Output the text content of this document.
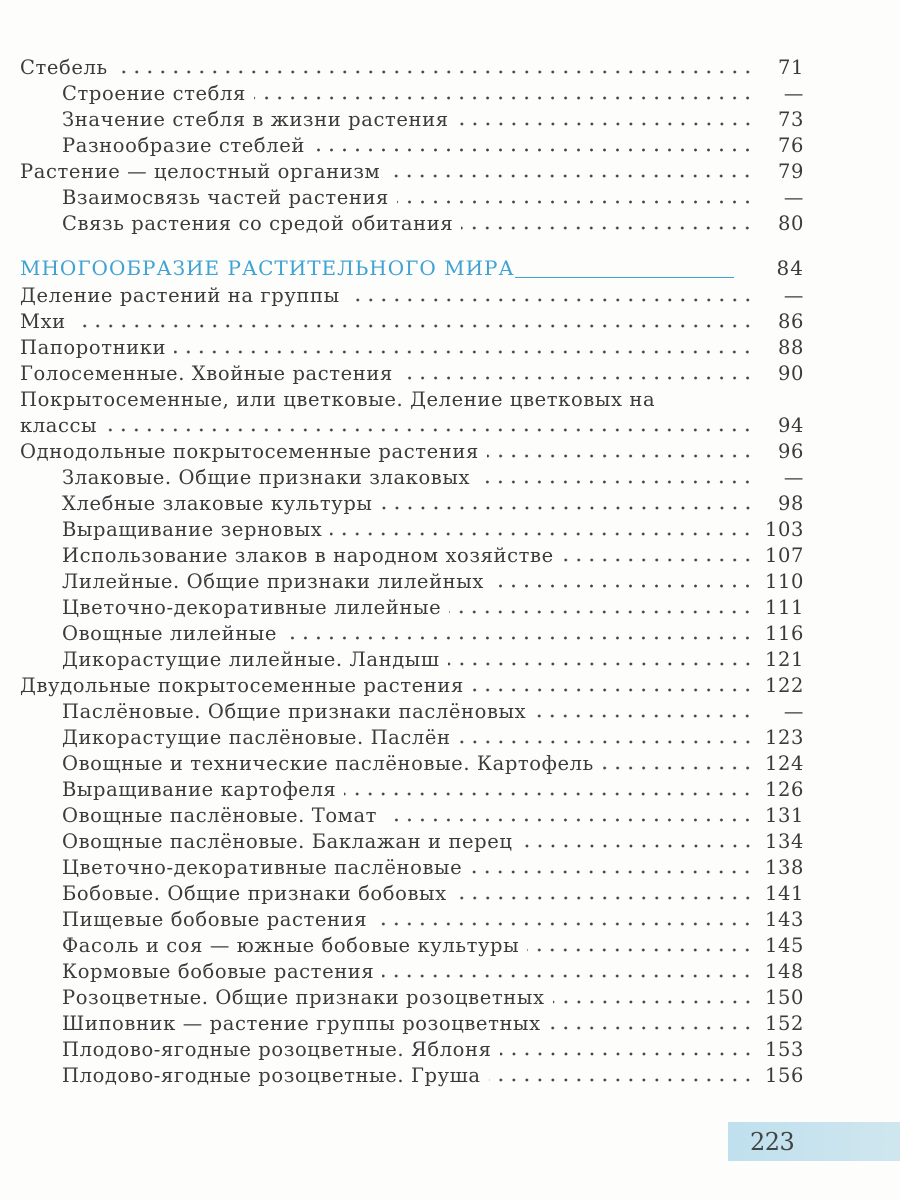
Стебель	71
Строение стебля	—
Значение стебля в жизни растения	73
Разнообразие стеблей	76
Растение — целостный организм	79
Взаимосвязь частей растения	—
Связь растения со средой обитания	80
МНОГООБРАЗИЕ РАСТИТЕЛЬНОГО МИРА	84
Деление растений на группы	—
Мхи	86
Папоротники	88
Голосеменные. Хвойные растения	90
Покрытосеменные, или цветковые. Деление цветковых на
классы	94
Однодольные покрытосеменные растения	96
Злаковые. Общие признаки злаковых	—
Хлебные злаковые культуры	98
Выращивание зерновых	103
Использование злаков в народном хозяйстве	107
Лилейные. Общие признаки лилейных	110
Цветочно-декоративные лилейные	111
Овощные лилейные	116
Дикорастущие лилейные. Ландыш	121
Двудольные покрытосеменные растения	122
Паслёновые. Общие признаки паслёновых	—
Дикорастущие паслёновые. Паслён	123
Овощные и технические паслёновые. Картофель	124
Выращивание картофеля	126
Овощные паслёновые. Томат	131
Овощные паслёновые. Баклажан и перец	134
Цветочно-декоративные паслёновые	138
Бобовые. Общие признаки бобовых	141
Пищевые бобовые растения	143
Фасоль и соя — южные бобовые культуры	145
Кормовые бобовые растения	148
Розоцветные. Общие признаки розоцветных	150
Шиповник — растение группы розоцветных	152
Плодово-ягодные розоцветные. Яблоня	153
Плодово-ягодные розоцветные. Груша	156
223
